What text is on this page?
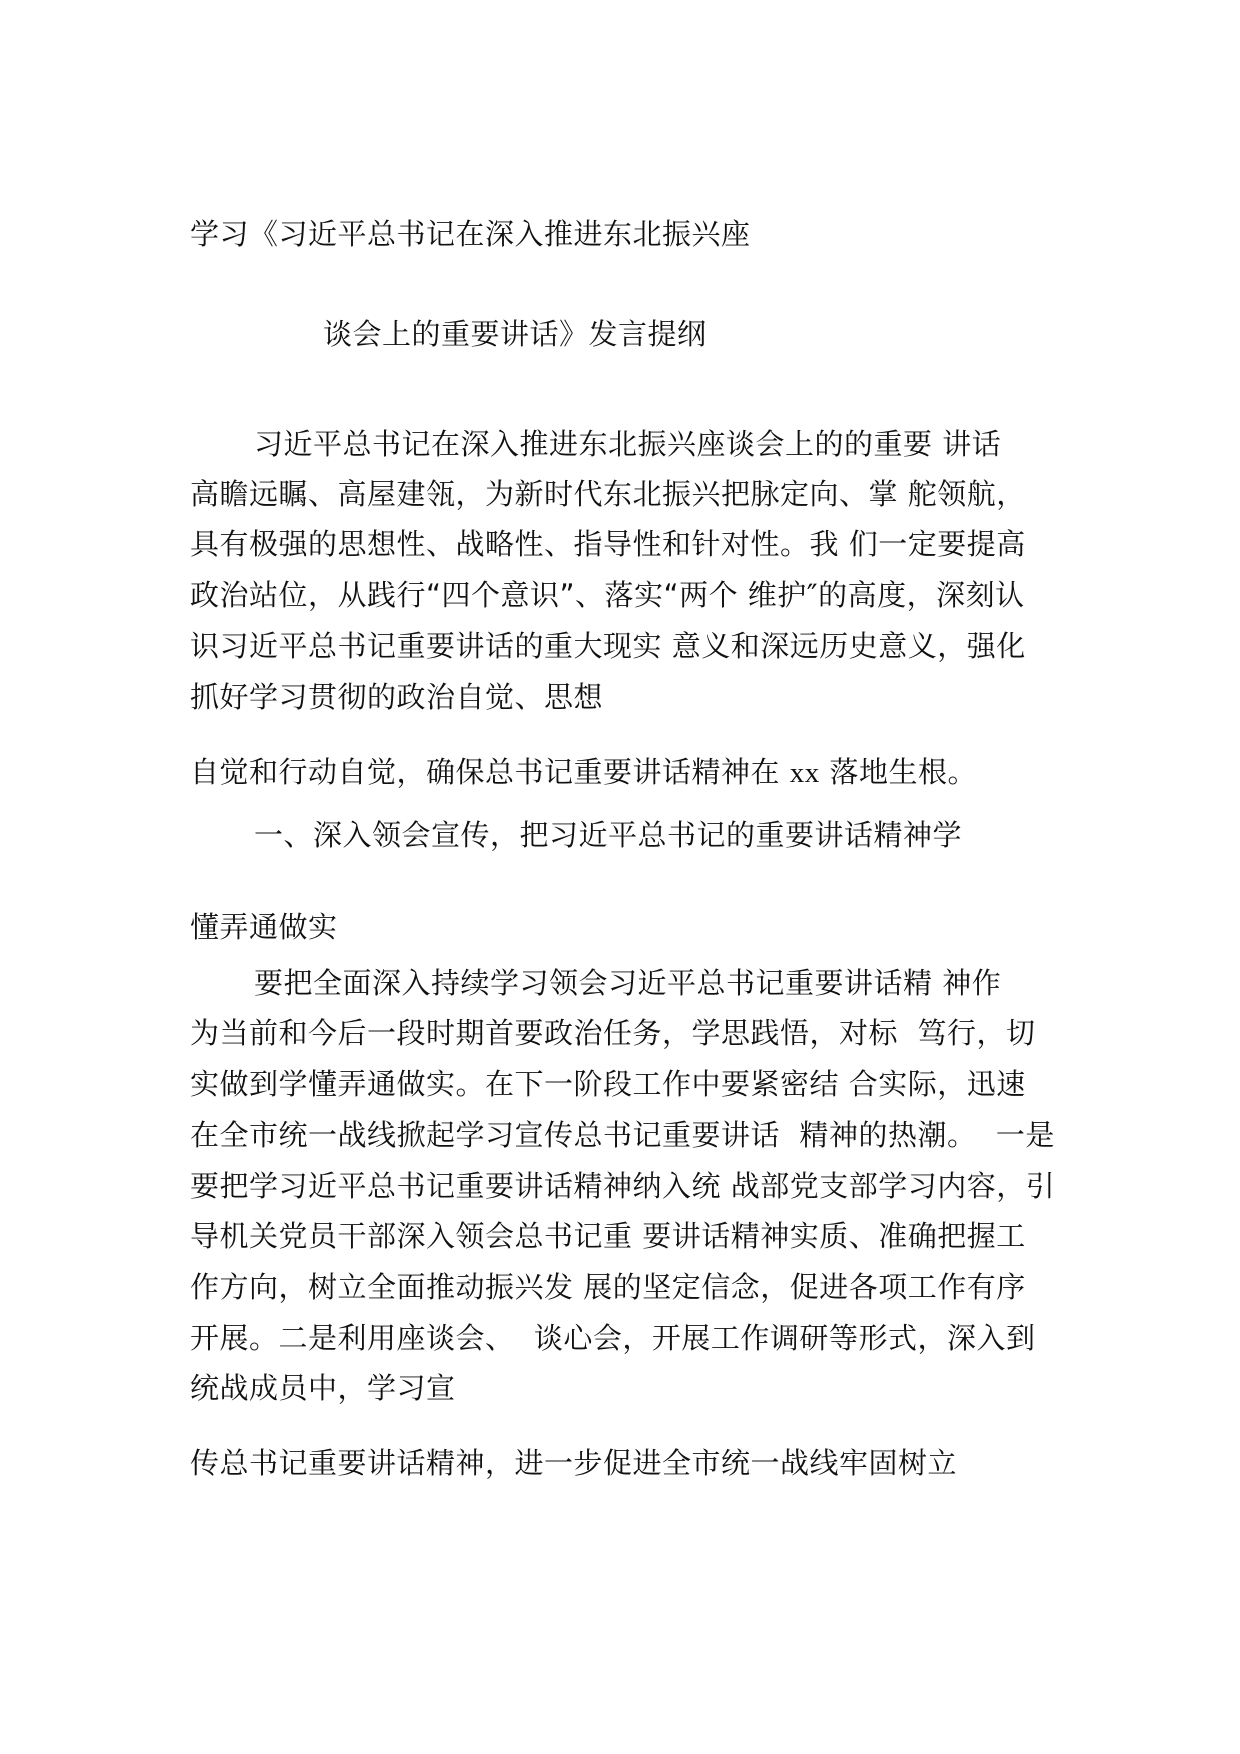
学习《习近平总书记在深入推进东北振兴座
谈会上的重要讲话》发言提纲
习近平总书记在深入推进东北振兴座谈会上的的重要 讲话
高瞻远瞩、高屋建瓴，为新时代东北振兴把脉定向、掌 舵领航，
具有极强的思想性、战略性、指导性和针对性。我 们一定要提高
政治站位，从践行“四个意识”、落实“两个 维护″的高度，深刻认
识习近平总书记重要讲话的重大现实 意义和深远历史意义，强化
抓好学习贯彻的政治自觉、思想
自觉和行动自觉，确保总书记重要讲话精神在 xx 落地生根。
一、深入领会宣传，把习近平总书记的重要讲话精神学
懂弄通做实
要把全面深入持续学习领会习近平总书记重要讲话精 神作
为当前和今后一段时期首要政治任务，学思践悟，对标  笃行，切
实做到学懂弄通做实。在下一阶段工作中要紧密结 合实际，迅速
在全市统一战线掀起学习宣传总书记重要讲话  精神的热潮。  一是
要把学习近平总书记重要讲话精神纳入统 战部党支部学习内容，引
导机关党员干部深入领会总书记重 要讲话精神实质、准确把握工
作方向，树立全面推动振兴发 展的坚定信念，促进各项工作有序
开展。二是利用座谈会、  谈心会，开展工作调研等形式，深入到
统战成员中，学习宣
传总书记重要讲话精神，进一步促进全市统一战线牢固树立
